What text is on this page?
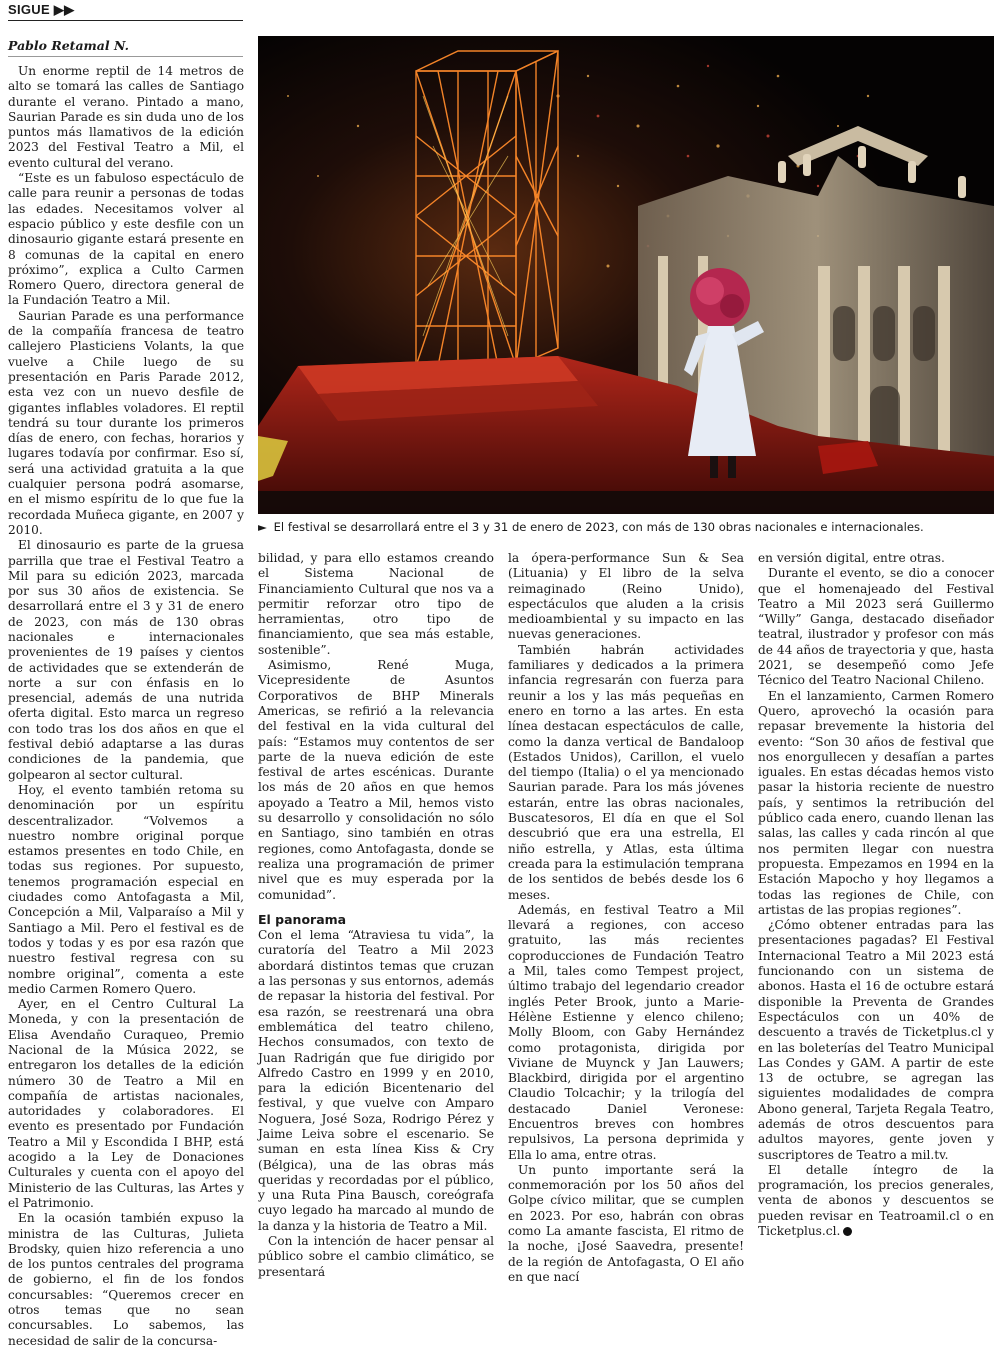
SIGUE ▶▶
Pablo Retamal N.

Un enorme reptil de 14 metros de alto se tomará las calles de Santiago durante el verano. Pintado a mano, Saurian Parade es sin duda uno de los puntos más llamativos de la edición 2023 del Festival Teatro a Mil, el evento cultural del verano.

“Este es un fabuloso espectáculo de calle para reunir a personas de todas las edades. Necesitamos volver al espacio público y este desfile con un dinosaurio gigante estará presente en 8 comunas de la capital en enero próximo”, explica a Culto Carmen Romero Quero, directora general de la Fundación Teatro a Mil.

Saurian Parade es una performance de la compañía francesa de teatro callejero Plasticiens Volants, la que vuelve a Chile luego de su presentación en Paris Parade 2012, esta vez con un nuevo desfile de gigantes inflables voladores. El reptil tendrá su tour durante los primeros días de enero, con fechas, horarios y lugares todavía por confirmar. Eso sí, será una actividad gratuita a la que cualquier persona podrá asomarse, en el mismo espíritu de lo que fue la recordada Muñeca gigante, en 2007 y 2010.

El dinosaurio es parte de la gruesa parrilla que trae el Festival Teatro a Mil para su edición 2023, marcada por sus 30 años de existencia. Se desarrollará entre el 3 y 31 de enero de 2023, con más de 130 obras nacionales e internacionales provenientes de 19 países y cientos de actividades que se extenderán de norte a sur con énfasis en lo presencial, además de una nutrida oferta digital. Esto marca un regreso con todo tras los dos años en que el festival debió adaptarse a las duras condiciones de la pandemia, que golpearon al sector cultural.

Hoy, el evento también retoma su denominación por un espíritu descentralizador. “Volvemos a nuestro nombre original porque estamos presentes en todo Chile, en todas sus regiones. Por supuesto, tenemos programación especial en ciudades como Antofagasta a Mil, Concepción a Mil, Valparaíso a Mil y Santiago a Mil. Pero el festival es de todos y todas y es por esa razón que nuestro festival regresa con su nombre original”, comenta a este medio Carmen Romero Quero.

Ayer, en el Centro Cultural La Moneda, y con la presentación de Elisa Avendaño Curaqueo, Premio Nacional de la Música 2022, se entregaron los detalles de la edición número 30 de Teatro a Mil en compañía de artistas nacionales, autoridades y colaboradores. El evento es presentado por Fundación Teatro a Mil y Escondida I BHP, está acogido a la Ley de Donaciones Culturales y cuenta con el apoyo del Ministerio de las Culturas, las Artes y el Patrimonio.

En la ocasión también expuso la ministra de las Culturas, Julieta Brodsky, quien hizo referencia a uno de los puntos centrales del programa de gobierno, el fin de los fondos concursables: “Queremos crecer en otros temas que no sean concursables. Lo sabemos, las necesidad de salir de la concursa-

► El festival se desarrollará entre el 3 y 31 de enero de 2023, con más de 130 obras nacionales e internacionales.

bilidad, y para ello estamos creando el Sistema Nacional de Financiamiento Cultural que nos va a permitir reforzar otro tipo de herramientas, otro tipo de financiamiento, que sea más estable, sostenible”.

Asimismo, René Muga, Vicepresidente de Asuntos Corporativos de BHP Minerals Americas, se refirió a la relevancia del festival en la vida cultural del país: “Estamos muy contentos de ser parte de la nueva edición de este festival de artes escénicas. Durante los más de 20 años en que hemos apoyado a Teatro a Mil, hemos visto su desarrollo y consolidación no sólo en Santiago, sino también en otras regiones, como Antofagasta, donde se realiza una programación de primer nivel que es muy esperada por la comunidad”.

El panorama

Con el lema “Atraviesa tu vida”, la curatoría del Teatro a Mil 2023 abordará distintos temas que cruzan a las personas y sus entornos, además de repasar la historia del festival. Por esa razón, se reestrenará una obra emblemática del teatro chileno, Hechos consumados, con texto de Juan Radrigán que fue dirigido por Alfredo Castro en 1999 y en 2010, para la edición Bicentenario del festival, y que vuelve con Amparo Noguera, José Soza, Rodrigo Pérez y Jaime Leiva sobre el escenario. Se suman en esta línea Kiss & Cry (Bélgica), una de las obras más queridas y recordadas por el público, y una Ruta Pina Bausch, coreógrafa cuyo legado ha marcado al mundo de la danza y la historia de Teatro a Mil.

Con la intención de hacer pensar al público sobre el cambio climático, se presentará

la ópera-performance Sun & Sea (Lituania) y El libro de la selva reimaginado (Reino Unido), espectáculos que aluden a la crisis medioambiental y su impacto en las nuevas generaciones.

También habrán actividades familiares y dedicados a la primera infancia regresarán con fuerza para reunir a los y las más pequeñas en enero en torno a las artes. En esta línea destacan espectáculos de calle, como la danza vertical de Bandaloop (Estados Unidos), Carillon, el vuelo del tiempo (Italia) o el ya mencionado Saurian parade. Para los más jóvenes estarán, entre las obras nacionales, Buscatesoros, El día en que el Sol descubrió que era una estrella, El niño estrella, y Atlas, esta última creada para la estimulación temprana de los sentidos de bebés desde los 6 meses.

Además, en festival Teatro a Mil llevará a regiones, con acceso gratuito, las más recientes coproducciones de Fundación Teatro a Mil, tales como Tempest project, último trabajo del legendario creador inglés Peter Brook, junto a Marie-Hélène Estienne y elenco chileno; Molly Bloom, con Gaby Hernández como protagonista, dirigida por Viviane de Muynck y Jan Lauwers; Blackbird, dirigida por el argentino Claudio Tolcachir; y la trilogía del destacado Daniel Veronese: Encuentros breves con hombres repulsivos, La persona deprimida y Ella lo ama, entre otras.

Un punto importante será la conmemoración por los 50 años del Golpe cívico militar, que se cumplen en 2023. Por eso, habrán con obras como La amante fascista, El ritmo de la noche, ¡José Saavedra, presente! de la región de Antofagasta, O El año en que nací

en versión digital, entre otras.

Durante el evento, se dio a conocer que el homenajeado del Festival Teatro a Mil 2023 será Guillermo “Willy” Ganga, destacado diseñador teatral, ilustrador y profesor con más de 44 años de trayectoria y que, hasta 2021, se desempeñó como Jefe Técnico del Teatro Nacional Chileno.

En el lanzamiento, Carmen Romero Quero, aprovechó la ocasión para repasar brevemente la historia del evento: “Son 30 años de festival que nos enorgullecen y desafían a partes iguales. En estas décadas hemos visto pasar la historia reciente de nuestro país, y sentimos la retribución del público cada enero, cuando llenan las salas, las calles y cada rincón al que nos permiten llegar con nuestra propuesta. Empezamos en 1994 en la Estación Mapocho y hoy llegamos a todas las regiones de Chile, con artistas de las propias regiones”.

¿Cómo obtener entradas para las presentaciones pagadas? El Festival Internacional Teatro a Mil 2023 está funcionando con un sistema de abonos. Hasta el 16 de octubre estará disponible la Preventa de Grandes Espectáculos con un 40% de descuento a través de Ticketplus.cl y en las boleterías del Teatro Municipal Las Condes y GAM. A partir de este 13 de octubre, se agregan las siguientes modalidades de compra Abono general, Tarjeta Regala Teatro, además de otros descuentos para adultos mayores, gente joven y suscriptores de Teatro a mil.tv.

El detalle íntegro de la programación, los precios generales, venta de abonos y descuentos se pueden revisar en Teatroamil.cl o en Ticketplus.cl.
